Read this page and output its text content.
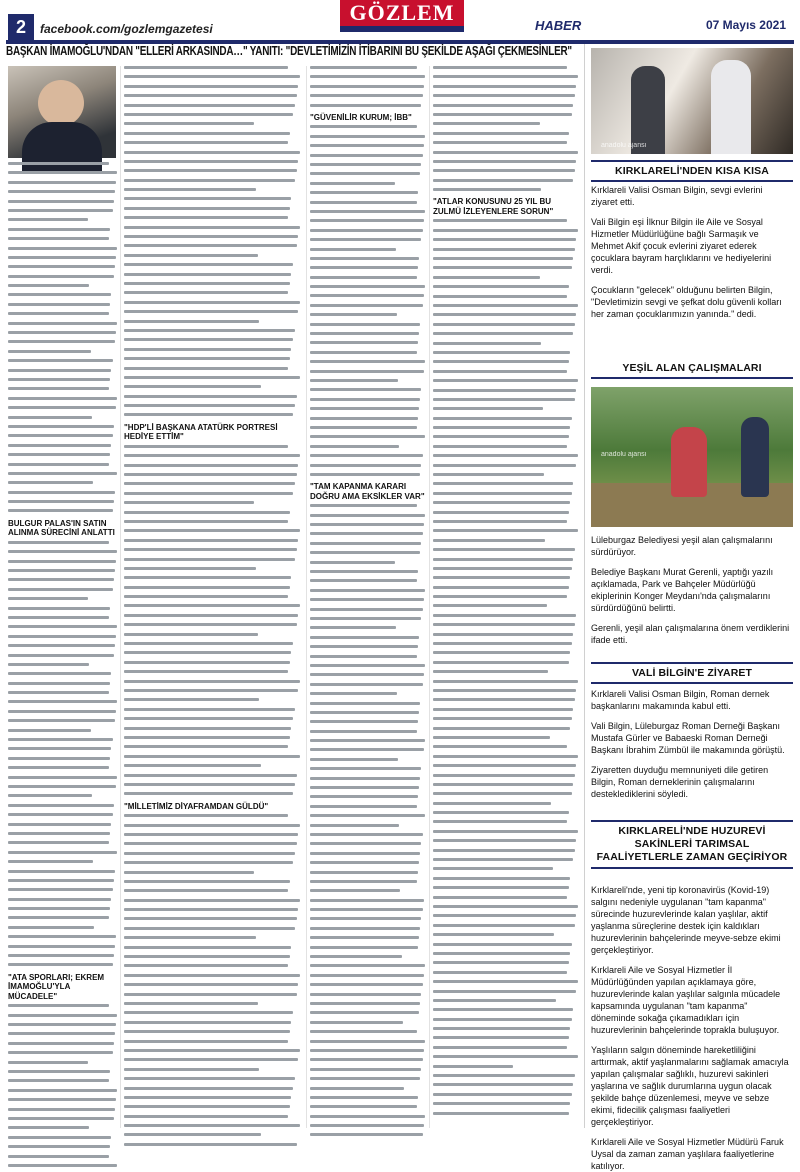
2	facebook.com/gozlemgazetesi
GÖZLEM
HABER	07 Mayıs 2021
BAŞKAN İMAMOĞLU'NDAN "ELLERİ ARKASINDA…" YANITI: "DEVLETİMİZİN İTİBARINI BU ŞEKİLDE AŞAĞI ÇEKMESİNLER"
BULGUR PALAS'IN SATIN ALINMA SÜRECİNİ ANLATTI
"ATA SPORLARI; EKREM İMAMOĞLU'YLA MÜCADELE"
"HDP'Lİ BAŞKANA ATATÜRK PORTRESİ HEDİYE ETTİM"
"MİLLETİMİZ DİYAFRAMDAN GÜLDÜ"
"GÜVENİLİR KURUM; İBB"
"TAM KAPANMA KARARI DOĞRU AMA EKSİKLER VAR"
"ATLAR KONUSUNU 25 YIL BU ZULMÜ İZLEYENLERE SORUN"
anadolu ajansı
KIRKLARELİ'NDEN KISA KISA

Kırklareli Valisi Osman Bilgin, sevgi evlerini ziyaret etti.

Vali Bilgin eşi İlknur Bilgin ile Aile ve Sosyal Hizmetler Müdürlüğüne bağlı Sarmaşık ve Mehmet Akif çocuk evlerini ziyaret ederek çocuklara bayram harçlıklarını ve hediyelerini verdi.

Çocukların "gelecek" olduğunu belirten Bilgin, "Devletimizin sevgi ve şefkat dolu güvenli kolları her zaman çocuklarımızın yanında." dedi.

YEŞİL ALAN ÇALIŞMALARI
anadolu ajansı

Lüleburgaz Belediyesi yeşil alan çalışmalarını sürdürüyor.

Belediye Başkanı Murat Gerenli, yaptığı yazılı açıklamada, Park ve Bahçeler Müdürlüğü ekiplerinin Konger Meydanı'nda çalışmalarını sürdürdüğünü belirtti.

Gerenli, yeşil alan çalışmalarına önem verdiklerini ifade etti.

VALİ BİLGİN'E ZİYARET

Kırklareli Valisi Osman Bilgin, Roman dernek başkanlarını makamında kabul etti.

Vali Bilgin, Lüleburgaz Roman Derneği Başkanı Mustafa Gürler ve Babaeski Roman Derneği Başkanı İbrahim Zümbül ile makamında görüştü.

Ziyaretten duyduğu memnuniyeti dile getiren Bilgin, Roman derneklerinin çalışmalarını desteklediklerini söyledi.

KIRKLARELİ'NDE HUZUREVİ SAKİNLERİ TARIMSAL FAALİYETLERLE ZAMAN GEÇİRİYOR

Kırklareli'nde, yeni tip koronavirüs (Kovid-19) salgını nedeniyle uygulanan "tam kapanma" sürecinde huzurevlerinde kalan yaşlılar, aktif yaşlanma süreçlerine destek için kaldıkları huzurevlerinin bahçelerinde meyve-sebze ekimi gerçekleştiriyor.

Kırklareli Aile ve Sosyal Hizmetler İl Müdürlüğünden yapılan açıklamaya göre, huzurevlerinde kalan yaşlılar salgınla mücadele kapsamında uygulanan "tam kapanma" döneminde sokağa çıkamadıkları için huzurevlerinin bahçelerinde toprakla buluşuyor.

Yaşlıların salgın döneminde hareketliliğini arttırmak, aktif yaşlanmalarını sağlamak amacıyla yapılan çalışmalar sağlıklı, huzurevi sakinleri yaşlarına ve sağlık durumlarına uygun olacak şekilde bahçe düzenlemesi, meyve ve sebze ekimi, fidecilik çalışması faaliyetleri gerçekleştiriyor.

Kırklareli Aile ve Sosyal Hizmetler Müdürü Faruk Uysal da zaman zaman yaşlılara faaliyetlerine katılıyor.
